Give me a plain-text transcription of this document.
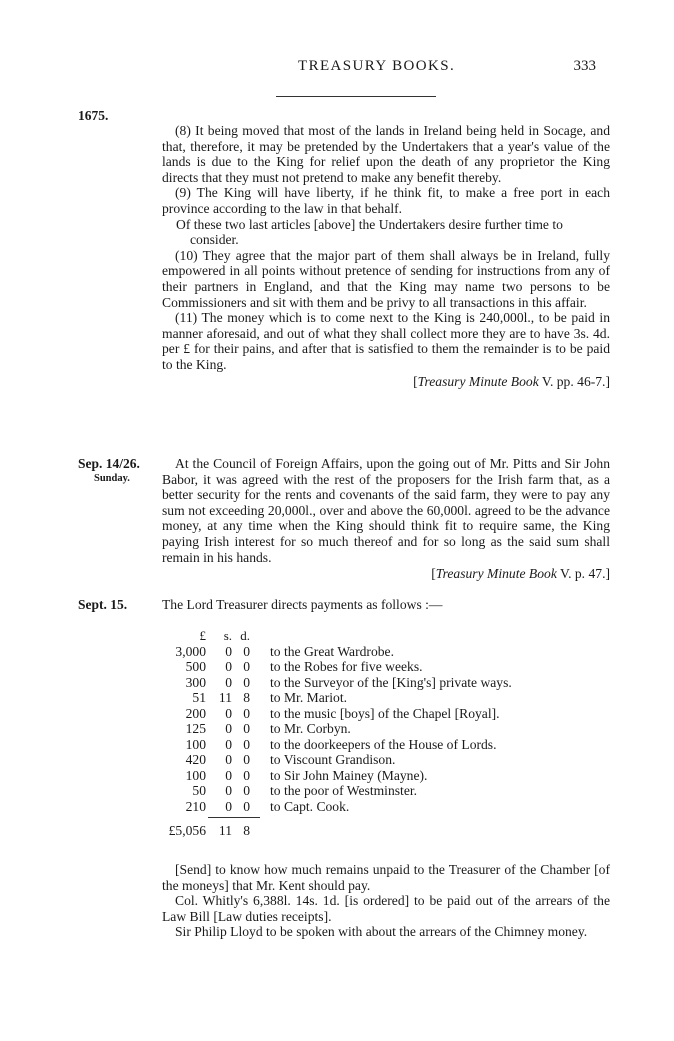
TREASURY BOOKS.	333
1675.
Sep. 14/26.
Sunday.
Sept. 15.

(8) It being moved that most of the lands in Ireland being held in Socage, and that, therefore, it may be pretended by the Undertakers that a year's value of the lands is due to the King for relief upon the death of any proprietor the King directs that they must not pretend to make any benefit thereby.

(9) The King will have liberty, if he think fit, to make a free port in each province according to the law in that behalf.

Of these two last articles [above] the Undertakers desire further time to consider.

(10) They agree that the major part of them shall always be in Ireland, fully empowered in all points without pretence of sending for instructions from any of their partners in England, and that the King may name two persons to be Commissioners and sit with them and be privy to all transactions in this affair.

(11) The money which is to come next to the King is 240,000l., to be paid in manner aforesaid, and out of what they shall collect more they are to have 3s. 4d. per £ for their pains, and after that is satisfied to them the remainder is to be paid to the King.

[Treasury Minute Book V. pp. 46-7.]

At the Council of Foreign Affairs, upon the going out of Mr. Pitts and Sir John Babor, it was agreed with the rest of the proposers for the Irish farm that, as a better security for the rents and covenants of the said farm, they were to pay any sum not exceeding 20,000l., over and above the 60,000l. agreed to be the advance money, at any time when the King should think fit to require same, the King paying Irish interest for so much thereof and for so long as the said sum shall remain in his hands.

[Treasury Minute Book V. p. 47.]

The Lord Treasurer directs payments as follows :—

£ s. d.
3,000 0 0 to the Great Wardrobe.
500 0 0 to the Robes for five weeks.
300 0 0 to the Surveyor of the [King's] private ways.
51 11 8 to Mr. Mariot.
200 0 0 to the music [boys] of the Chapel [Royal].
125 0 0 to Mr. Corbyn.
100 0 0 to the doorkeepers of the House of Lords.
420 0 0 to Viscount Grandison.
100 0 0 to Sir John Mainey (Mayne).
50 0 0 to the poor of Westminster.
210 0 0 to Capt. Cook.
£5,056 11 8

[Send] to know how much remains unpaid to the Treasurer of the Chamber [of the moneys] that Mr. Kent should pay.

Col. Whitly's 6,388l. 14s. 1d. [is ordered] to be paid out of the arrears of the Law Bill [Law duties receipts].

Sir Philip Lloyd to be spoken with about the arrears of the Chimney money.
